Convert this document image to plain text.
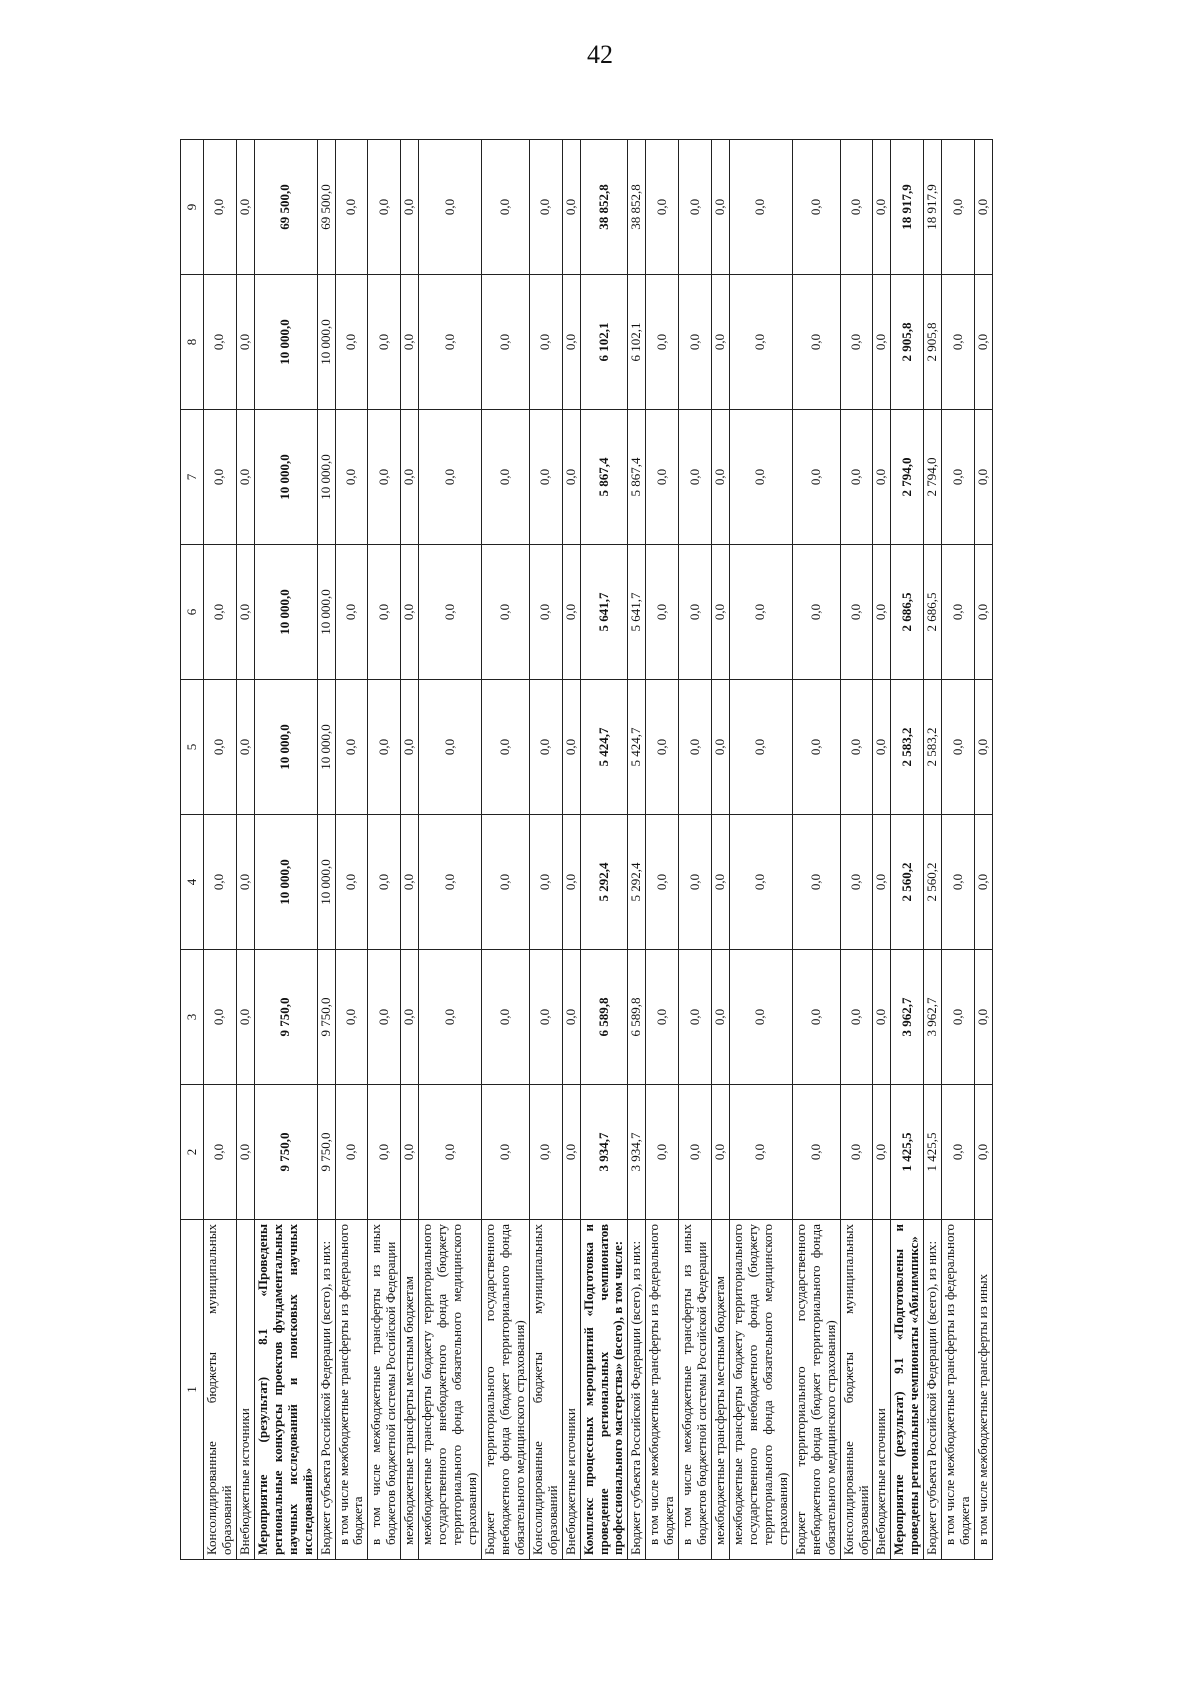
42
1	2	3	4	5	6	7	8	9
Консолидированные бюджеты муниципальных образований	0,0	0,0	0,0	0,0	0,0	0,0	0,0	0,0
Внебюджетные источники	0,0	0,0	0,0	0,0	0,0	0,0	0,0	0,0
Мероприятие (результат) 8.1 «Проведены региональные конкурсы проектов фундаментальных научных исследований и поисковых научных исследований»	9 750,0	9 750,0	10 000,0	10 000,0	10 000,0	10 000,0	10 000,0	69 500,0
Бюджет субъекта Российской Федерации (всего), из них:	9 750,0	9 750,0	10 000,0	10 000,0	10 000,0	10 000,0	10 000,0	69 500,0
в том числе межбюджетные трансферты из федерального бюджета	0,0	0,0	0,0	0,0	0,0	0,0	0,0	0,0
в том числе межбюджетные трансферты из иных бюджетов бюджетной системы Российской Федерации	0,0	0,0	0,0	0,0	0,0	0,0	0,0	0,0
межбюджетные трансферты местным бюджетам	0,0	0,0	0,0	0,0	0,0	0,0	0,0	0,0
межбюджетные трансферты бюджету территориального государственного внебюджетного фонда (бюджету территориального фонда обязательного медицинского страхования)	0,0	0,0	0,0	0,0	0,0	0,0	0,0	0,0
Бюджет территориального государственного внебюджетного фонда (бюджет территориального фонда обязательного медицинского страхования)	0,0	0,0	0,0	0,0	0,0	0,0	0,0	0,0
Консолидированные бюджеты муниципальных образований	0,0	0,0	0,0	0,0	0,0	0,0	0,0	0,0
Внебюджетные источники	0,0	0,0	0,0	0,0	0,0	0,0	0,0	0,0
Комплекс процессных мероприятий «Подготовка и проведение региональных чемпионатов профессионального мастерства» (всего), в том числе:	3 934,7	6 589,8	5 292,4	5 424,7	5 641,7	5 867,4	6 102,1	38 852,8
Бюджет субъекта Российской Федерации (всего), из них:	3 934,7	6 589,8	5 292,4	5 424,7	5 641,7	5 867,4	6 102,1	38 852,8
в том числе межбюджетные трансферты из федерального бюджета	0,0	0,0	0,0	0,0	0,0	0,0	0,0	0,0
в том числе межбюджетные трансферты из иных бюджетов бюджетной системы Российской Федерации	0,0	0,0	0,0	0,0	0,0	0,0	0,0	0,0
межбюджетные трансферты местным бюджетам	0,0	0,0	0,0	0,0	0,0	0,0	0,0	0,0
межбюджетные трансферты бюджету территориального государственного внебюджетного фонда (бюджету территориального фонда обязательного медицинского страхования)	0,0	0,0	0,0	0,0	0,0	0,0	0,0	0,0
Бюджет территориального государственного внебюджетного фонда (бюджет территориального фонда обязательного медицинского страхования)	0,0	0,0	0,0	0,0	0,0	0,0	0,0	0,0
Консолидированные бюджеты муниципальных образований	0,0	0,0	0,0	0,0	0,0	0,0	0,0	0,0
Внебюджетные источники	0,0	0,0	0,0	0,0	0,0	0,0	0,0	0,0
Мероприятие (результат) 9.1 «Подготовлены и проведены региональные чемпионаты «Абилимпикс»	1 425,5	3 962,7	2 560,2	2 583,2	2 686,5	2 794,0	2 905,8	18 917,9
Бюджет субъекта Российской Федерации (всего), из них:	1 425,5	3 962,7	2 560,2	2 583,2	2 686,5	2 794,0	2 905,8	18 917,9
в том числе межбюджетные трансферты из федерального бюджета	0,0	0,0	0,0	0,0	0,0	0,0	0,0	0,0
в том числе межбюджетные трансферты из иных	0,0	0,0	0,0	0,0	0,0	0,0	0,0	0,0
